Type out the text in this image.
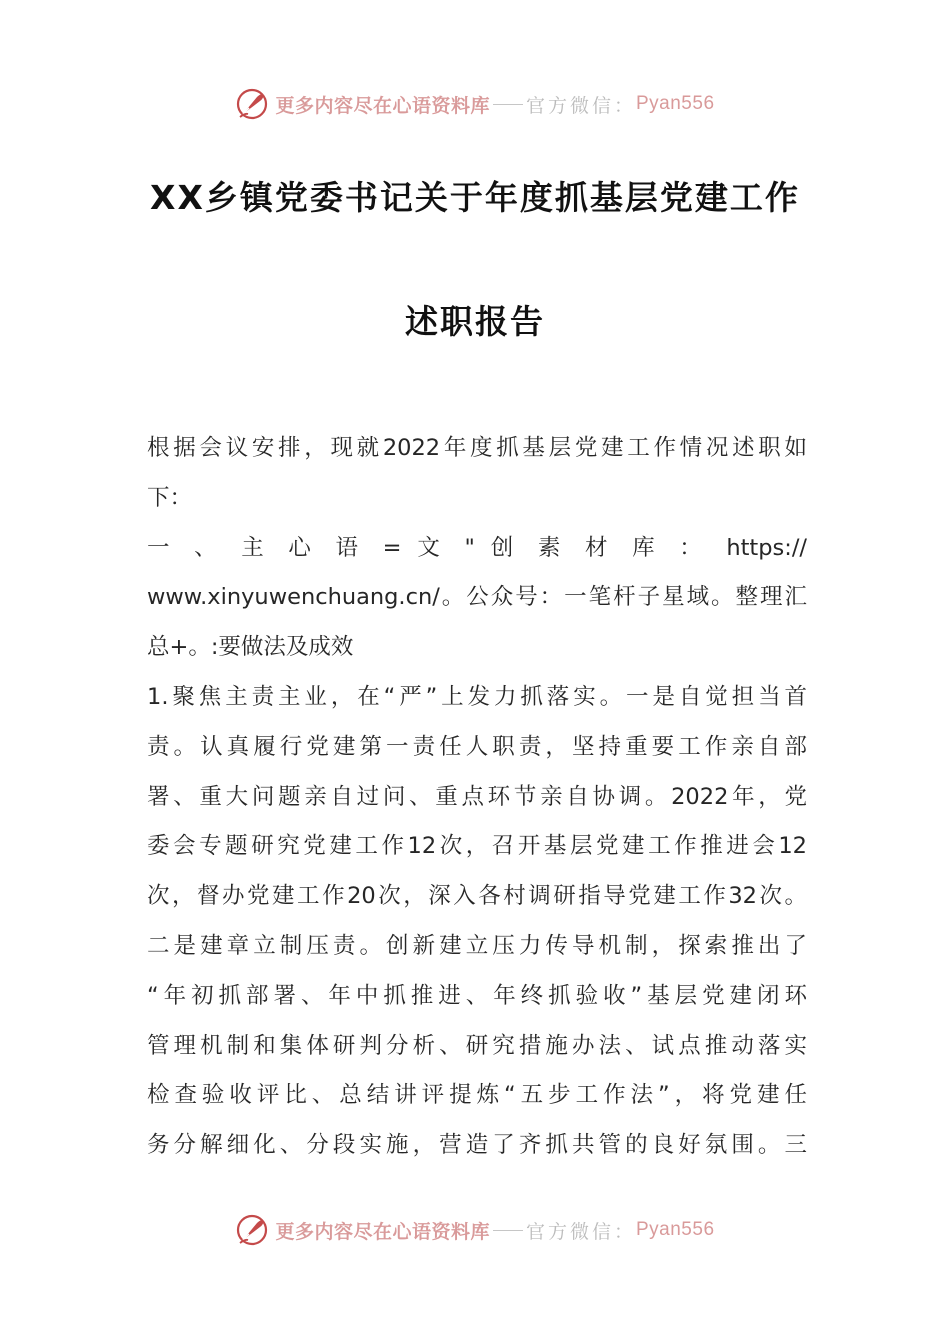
更多内容尽在心语资料库 官方微信： Pyan556
XX乡镇党委书记关于年度抓基层党建工作
述职报告
根据会议安排，现就2022年度抓基层党建工作情况述职如
下：
一 、 主 心 语 = 文 " 创 素 材 库 ： https://
www.xinyuwenchuang.cn/。公众号：一笔杆子星域。整理汇
总+。:要做法及成效
1.聚焦主责主业，在“严”上发力抓落实。一是自觉担当首
责。认真履行党建第一责任人职责，坚持重要工作亲自部
署、重大问题亲自过问、重点环节亲自协调。2022年，党
委会专题研究党建工作12次，召开基层党建工作推进会12
次，督办党建工作20次，深入各村调研指导党建工作32次。
二是建章立制压责。创新建立压力传导机制，探索推出了
“年初抓部署、年中抓推进、年终抓验收”基层党建闭环
管理机制和集体研判分析、研究措施办法、试点推动落实
检查验收评比、总结讲评提炼“五步工作法”，将党建任
务分解细化、分段实施，营造了齐抓共管的良好氛围。三
更多内容尽在心语资料库 官方微信： Pyan556
